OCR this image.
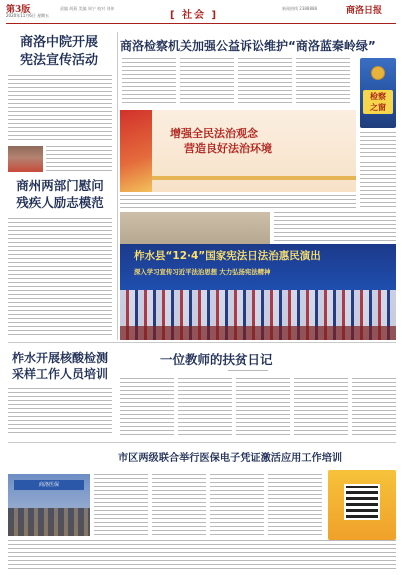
第3版
2020年11月6日 星期五
责编 胡燕 美编 周宁 校对 刘伟
[ 社会 ]
新闻热线 2388888	商洛日报
商洛中院开展
宪法宣传活动
商州两部门慰问
残疾人励志模范
商洛检察机关加强公益诉讼维护“商洛蓝秦岭绿”
检察
之窗
增强全民法治观念
营造良好法治环境
柞水县“12·4”国家宪法日法治惠民演出
深入学习宣传习近平法治思想 大力弘扬宪法精神
柞水开展核酸检测
采样工作人员培训
一位教师的扶贫日记
市区两级联合举行医保电子凭证激活应用工作培训
商洛医保
